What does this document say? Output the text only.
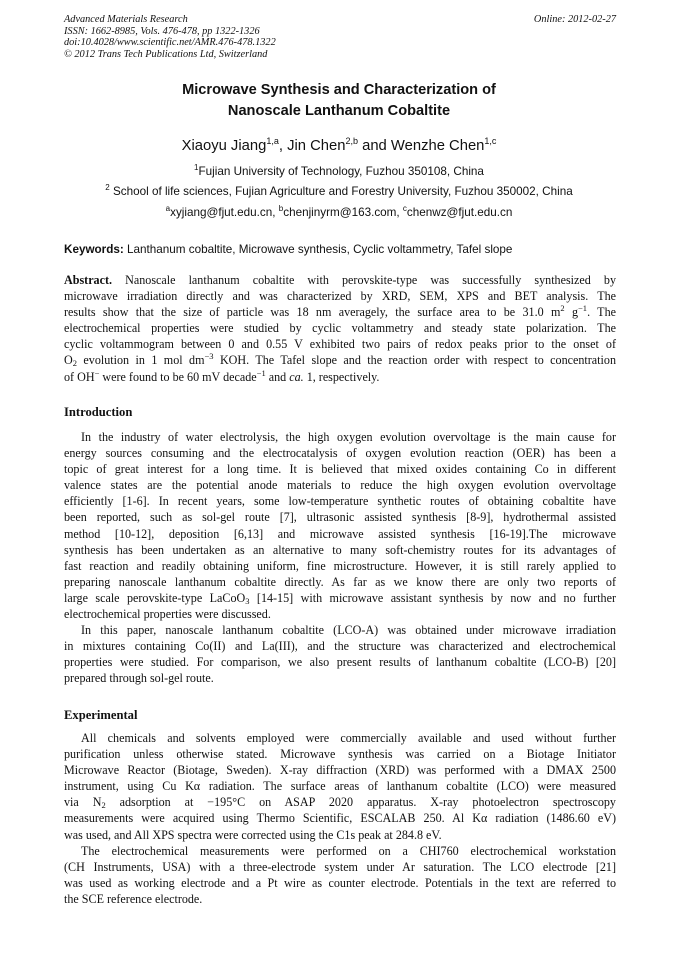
Advanced Materials Research
ISSN: 1662-8985, Vols. 476-478, pp 1322-1326
doi:10.4028/www.scientific.net/AMR.476-478.1322
© 2012 Trans Tech Publications Ltd, Switzerland
Online: 2012-02-27
Microwave Synthesis and Characterization of
Nanoscale Lanthanum Cobaltite
Xiaoyu Jiang$^{1,a}$, Jin Chen$^{2,b}$ and Wenzhe Chen$^{1,c}$
$^1$Fujian University of Technology, Fuzhou 350108, China
$^2$ School of life sciences, Fujian Agriculture and Forestry University, Fuzhou 350002, China
$^a$xyjiang@fjut.edu.cn, $^b$chenjinyrm@163.com, $^c$chenwz@fjut.edu.cn
Keywords: Lanthanum cobaltite, Microwave synthesis, Cyclic voltammetry, Tafel slope
Abstract. Nanoscale lanthanum cobaltite with perovskite-type was successfully synthesized by
microwave irradiation directly and was characterized by XRD, SEM, XPS and BET analysis. The
results show that the size of particle was 18 nm averagely, the surface area to be 31.0 $m^2$ $g^{-1}$. The
electrochemical properties were studied by cyclic voltammetry and steady state polarization. The
cyclic voltammogram between 0 and 0.55 V exhibited two pairs of redox peaks prior to the onset of
$O_2$ evolution in 1 mol $dm^{-3}$ KOH. The Tafel slope and the reaction order with respect to concentration
of OH− were found to be 60 mV decade$^{-1}$ and ca. 1, respectively.
Introduction
In the industry of water electrolysis, the high oxygen evolution overvoltage is the main cause for
energy sources consuming and the electrocatalysis of oxygen evolution reaction (OER) has been a
topic of great interest for a long time. It is believed that mixed oxides containing Co in different
valence states are the potential anode materials to reduce the high oxygen evolution overvoltage
efficiently [1-6]. In recent years, some low-temperature synthetic routes of obtaining cobaltite have
been reported, such as sol-gel route [7], ultrasonic assisted synthesis [8-9], hydrothermal assisted
method [10-12], deposition [6,13] and microwave assisted synthesis [16-19].The microwave
synthesis has been undertaken as an alternative to many soft-chemistry routes for its advantages of
fast reaction and readily obtaining uniform, fine microstructure. However, it is still rarely applied to
preparing nanoscale lanthanum cobaltite directly. As far as we know there are only two reports of
large scale perovskite-type LaCoO$_3$ [14-15] with microwave assistant synthesis by now and no further
electrochemical properties were discussed.
In this paper, nanoscale lanthanum cobaltite (LCO-A) was obtained under microwave irradiation
in mixtures containing Co(II) and La(III), and the structure was characterized and electrochemical
properties were studied. For comparison, we also present results of lanthanum cobaltite (LCO-B) [20]
prepared through sol-gel route.
Experimental
All chemicals and solvents employed were commercially available and used without further
purification unless otherwise stated. Microwave synthesis was carried on a Biotage Initiator
Microwave Reactor (Biotage, Sweden). X-ray diffraction (XRD) was performed with a DMAX 2500
instrument, using Cu Kα radiation. The surface areas of lanthanum cobaltite (LCO) were measured
via $N_2$ adsorption at −195°C on ASAP 2020 apparatus. X-ray photoelectron spectroscopy
measurements were acquired using Thermo Scientific, ESCALAB 250. Al Kα radiation (1486.60 eV)
was used, and All XPS spectra were corrected using the C1s peak at 284.8 eV.
The electrochemical measurements were performed on a CHI760 electrochemical workstation
(CH Instruments, USA) with a three-electrode system under Ar saturation. The LCO electrode [21]
was used as working electrode and a Pt wire as counter electrode. Potentials in the text are referred to
the SCE reference electrode.
